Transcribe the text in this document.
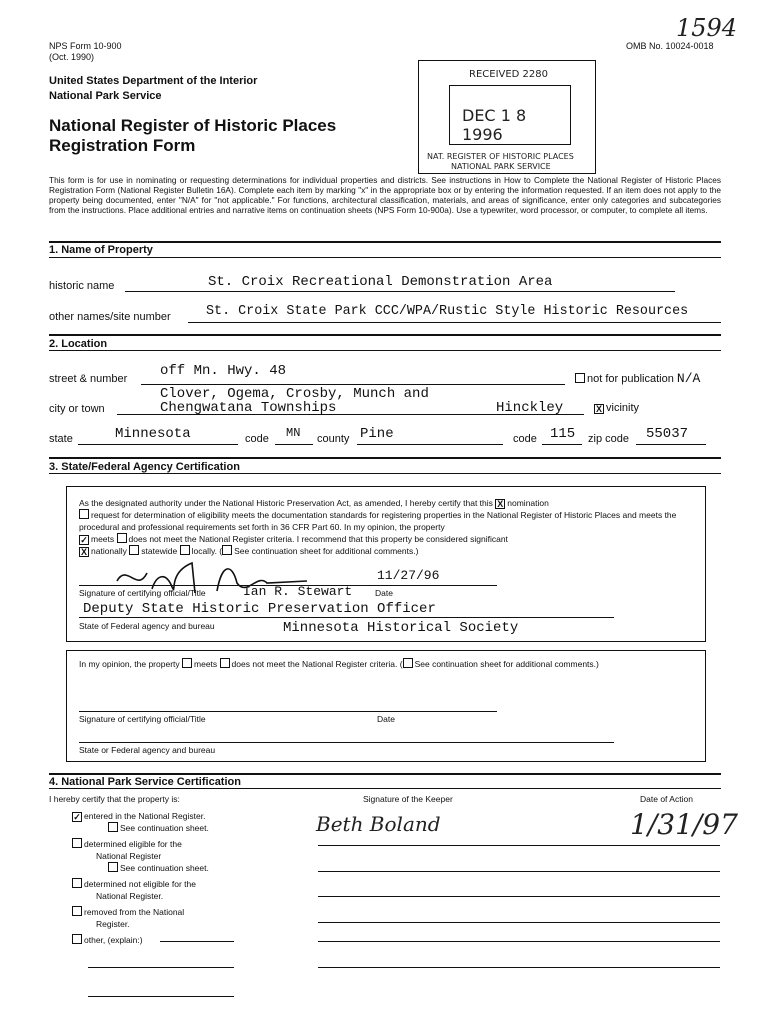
NPS Form 10-900
(Oct. 1990)
OMB No. 10024-0018
1594
United States Department of the Interior
National Park Service
National Register of Historic Places
Registration Form
RECEIVED 2280
DEC 1 8 1996
NAT. REGISTER OF HISTORIC PLACES
NATIONAL PARK SERVICE
This form is for use in nominating or requesting determinations for individual properties and districts. See instructions in How to Complete the National Register of Historic Places Registration Form (National Register Bulletin 16A). Complete each item by marking "x" in the appropriate box or by entering the information requested. If an item does not apply to the property being documented, enter "N/A" for "not applicable." For functions, architectural classification, materials, and areas of significance, enter only categories and subcategories from the instructions. Place additional entries and narrative items on continuation sheets (NPS Form 10-900a). Use a typewriter, word processor, or computer, to complete all items.
1. Name of Property
historic name	St. Croix Recreational Demonstration Area
other names/site number	St. Croix State Park CCC/WPA/Rustic Style Historic Resources
2. Location
street & number off Mn. Hwy. 48	not for publication N/A
Clover, Ogema, Crosby, Munch and
city or town	Chengwatana Townships	Hinckley	X vicinity
state	Minnesota	code MN county Pine	code 115 zip code 55037
3. State/Federal Agency Certification
As the designated authority under the National Historic Preservation Act, as amended, I hereby certify that this X nomination
request for determination of eligibility meets the documentation standards for registering properties in the National Register of Historic Places and meets the procedural and professional requirements set forth in 36 CFR Part 60. In my opinion, the property
✓ meets does not meet the National Register criteria. I recommend that this property be considered significant
X nationally statewide locally. ( See continuation sheet for additional comments.)
11/27/96
Signature of certifying official/Title	Ian R. Stewart	Date
Deputy State Historic Preservation Officer
State of Federal agency and bureau	Minnesota Historical Society
In my opinion, the property meets does not meet the National Register criteria. ( See continuation sheet for additional comments.)
Signature of certifying official/Title	Date
State or Federal agency and bureau
4. National Park Service Certification
I hereby certify that the property is:	Signature of the Keeper	Date of Action
✓ entered in the National Register.
See continuation sheet.
determined eligible for the
National Register
See continuation sheet.
determined not eligible for the
National Register.
removed from the National
Register.
other, (explain:)
Beth Boland	1/31/97
